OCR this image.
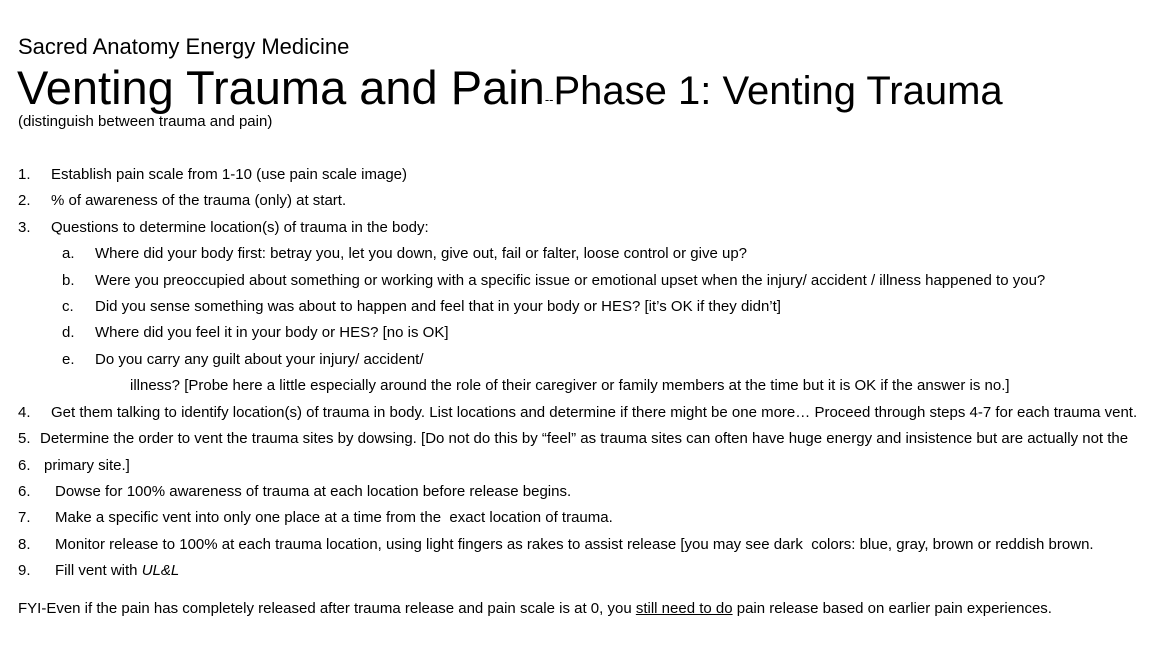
Sacred Anatomy Energy Medicine
Venting Trauma and Pain--Phase 1: Venting Trauma
(distinguish between trauma and pain)
1. Establish pain scale from 1-10 (use pain scale image)
2. % of awareness of the trauma (only) at start.
3. Questions to determine location(s) of trauma in the body:
a. Where did your body first: betray you, let you down, give out, fail or falter, loose control or give up?
b. Were you preoccupied about something or working with a specific issue or emotional upset when the injury/ accident / illness happened to you?
c. Did you sense something was about to happen and feel that in your body or HES? [it’s OK if they didn’t]
d. Where did you feel it in your body or HES? [no is OK]
e. Do you carry any guilt about your injury/ accident/
illness? [Probe here a little especially around the role of their caregiver or family members at the time but it is OK if the answer is no.]
4. Get them talking to identify location(s) of trauma in body. List locations and determine if there might be one more… Proceed through steps 4-7 for each trauma vent.
5. Determine the order to vent the trauma sites by dowsing. [Do not do this by “feel” as trauma sites can often have huge energy and insistence but are actually not the
6. primary site.]
6. Dowse for 100% awareness of trauma at each location before release begins.
7. Make a specific vent into only one place at a time from the  exact location of trauma.
8. Monitor release to 100% at each trauma location, using light fingers as rakes to assist release [you may see dark  colors: blue, gray, brown or reddish brown.
9. Fill vent with UL&L
FYI-Even if the pain has completely released after trauma release and pain scale is at 0, you still need to do pain release based on earlier pain experiences.
